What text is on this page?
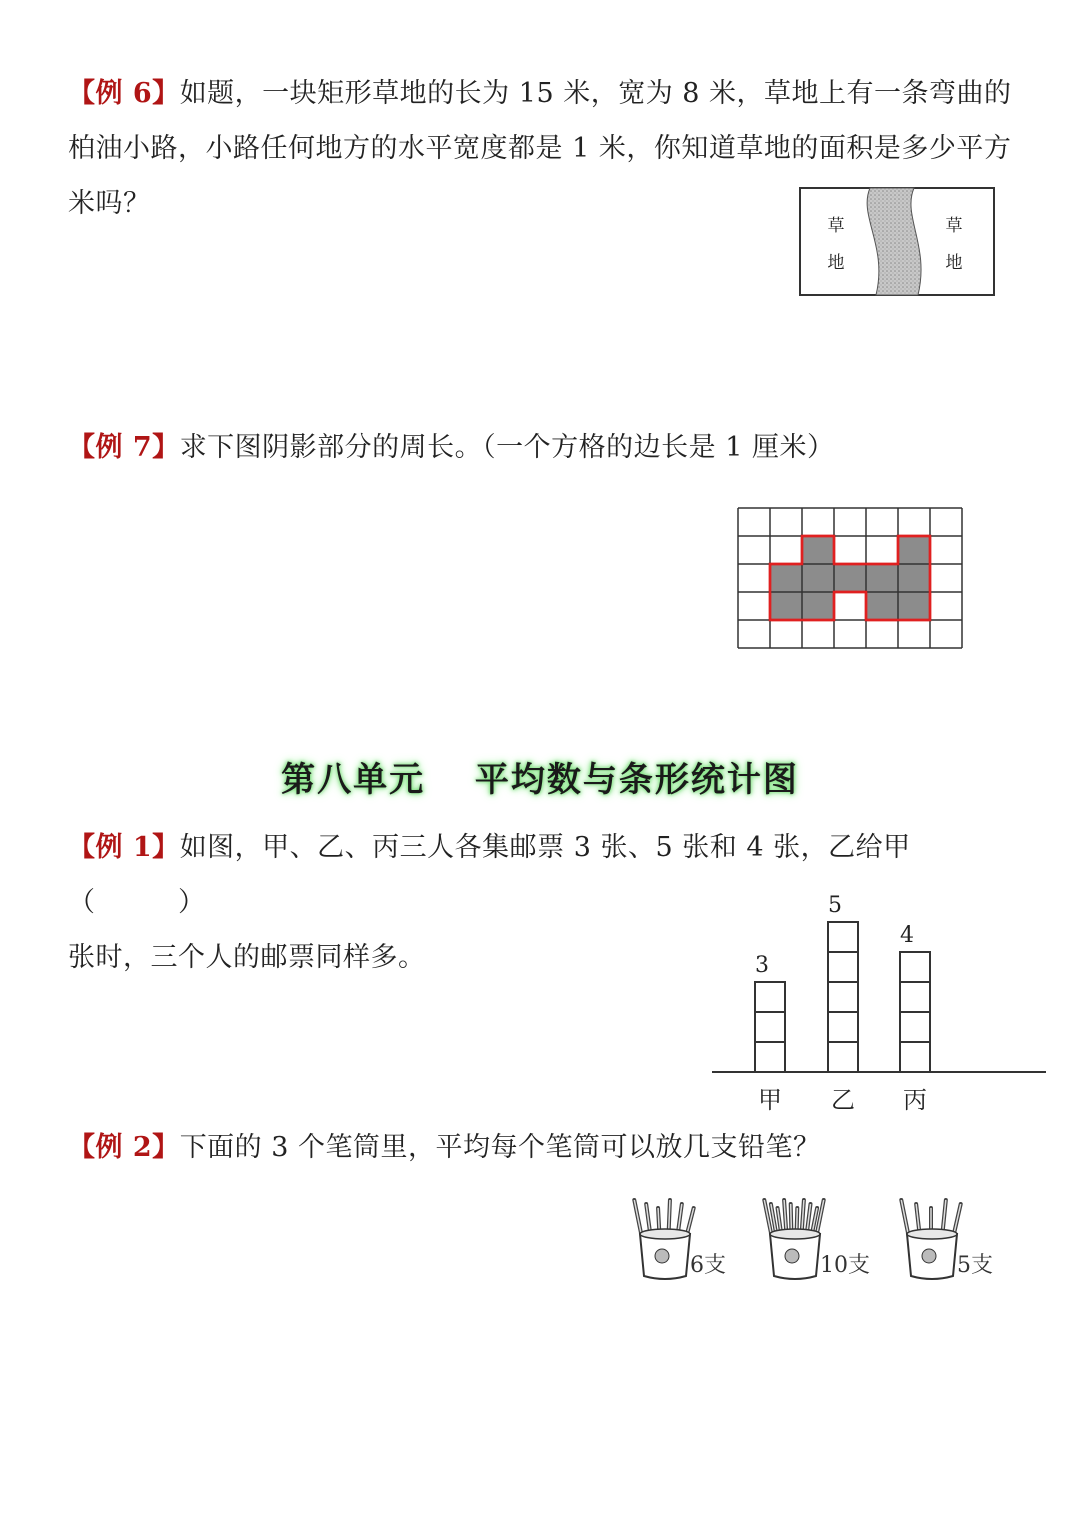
【例 6】如题，一块矩形草地的长为 15 米，宽为 8 米，草地上有一条弯曲的
柏油小路，小路任何地方的水平宽度都是 1 米，你知道草地的面积是多少平方
米吗？
草
地
草
地
【例 7】求下图阴影部分的周长。（一个方格的边长是 1 厘米）
第八单元　 平均数与条形统计图
【例 1】如图，甲、乙、丙三人各集邮票 3 张、5 张和 4 张，乙给甲（　　　）
张时，三个人的邮票同样多。	3
甲
5
乙
4
丙
【例 2】下面的 3 个笔筒里，平均每个笔筒可以放几支铅笔？
6支	10支	5支
